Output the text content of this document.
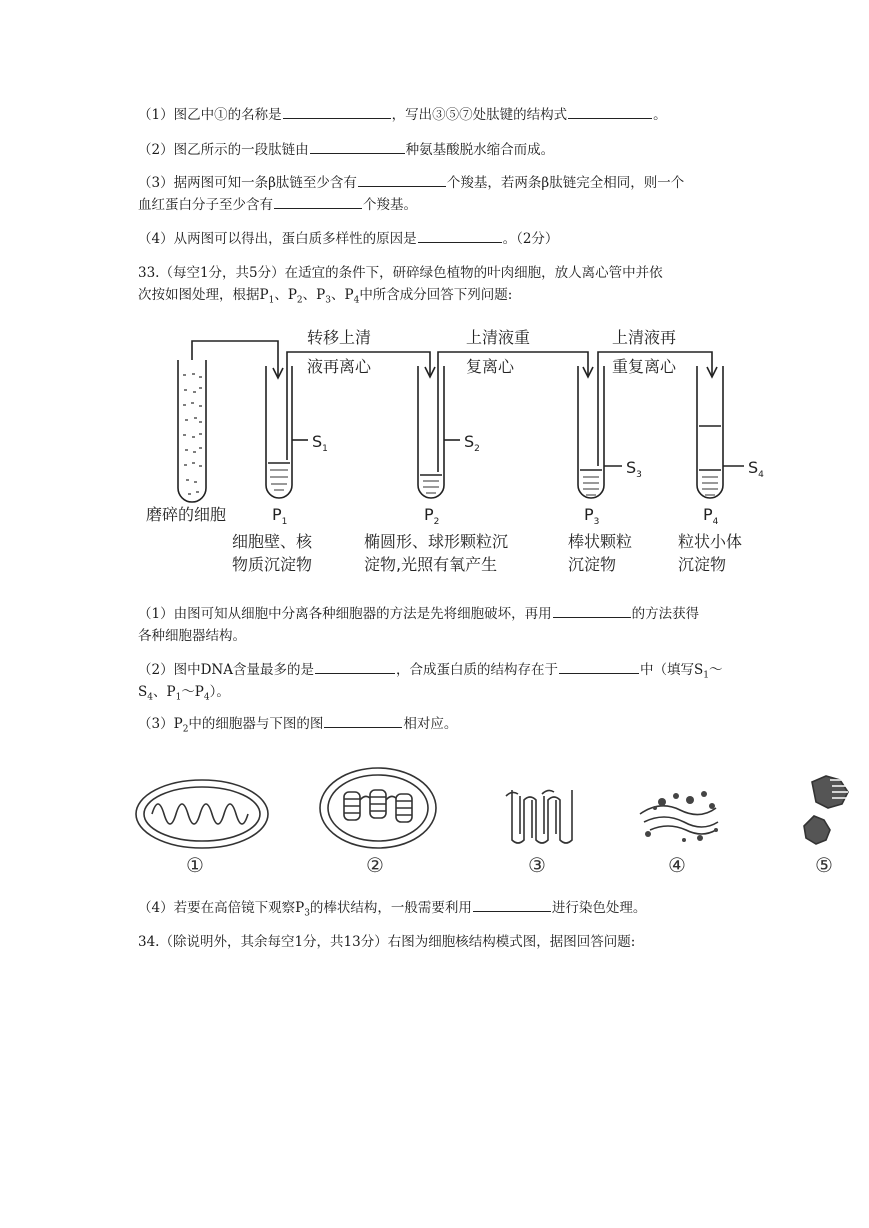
（1）图乙中①的名称是	，写出③⑤⑦处肽键的结构式	。
（2）图乙所示的一段肽链由	种氨基酸脱水缩合而成。
（3）据两图可知一条β肽链至少含有	个羧基，若两条β肽链完全相同，则一个
血红蛋白分子至少含有	个羧基。
（4）从两图可以得出，蛋白质多样性的原因是	。（2分）
33.（每空1分，共5分）在适宜的条件下，研碎绿色植物的叶肉细胞，放人离心管中并依
次按如图处理，根据$P_1$、$P_2$、$P_3$、$P_4$中所含成分回答下列问题:
转移上清
液再离心
上清液重
复离心
上清液再
重复离心
$S_1$	$S_2$
$S_3$	$S_4$
磨碎的细胞	$P_1$	$P_2$	$P_3$	$P_4$
细胞壁、核
物质沉淀物
椭圆形、球形颗粒沉
淀物,光照有氧产生
棒状颗粒
沉淀物
粒状小体
沉淀物
（1）由图可知从细胞中分离各种细胞器的方法是先将细胞破坏，再用	的方法获得
各种细胞器结构。
（2）图中DNA含量最多的是	，合成蛋白质的结构存在于	中（填写$S_1\sim$
$S_4$、$P_1\sim P_4$）。
$(3)P_2$中的细胞器与下图的图	相对应。
①	②	③	④	⑤
（4）若要在高倍镜下观察$P_3$的棒状结构，一般需要利用	进行染色处理。
34.（除说明外，其余每空1分，共13分）右图为细胞核结构模式图，据图回答问题:
